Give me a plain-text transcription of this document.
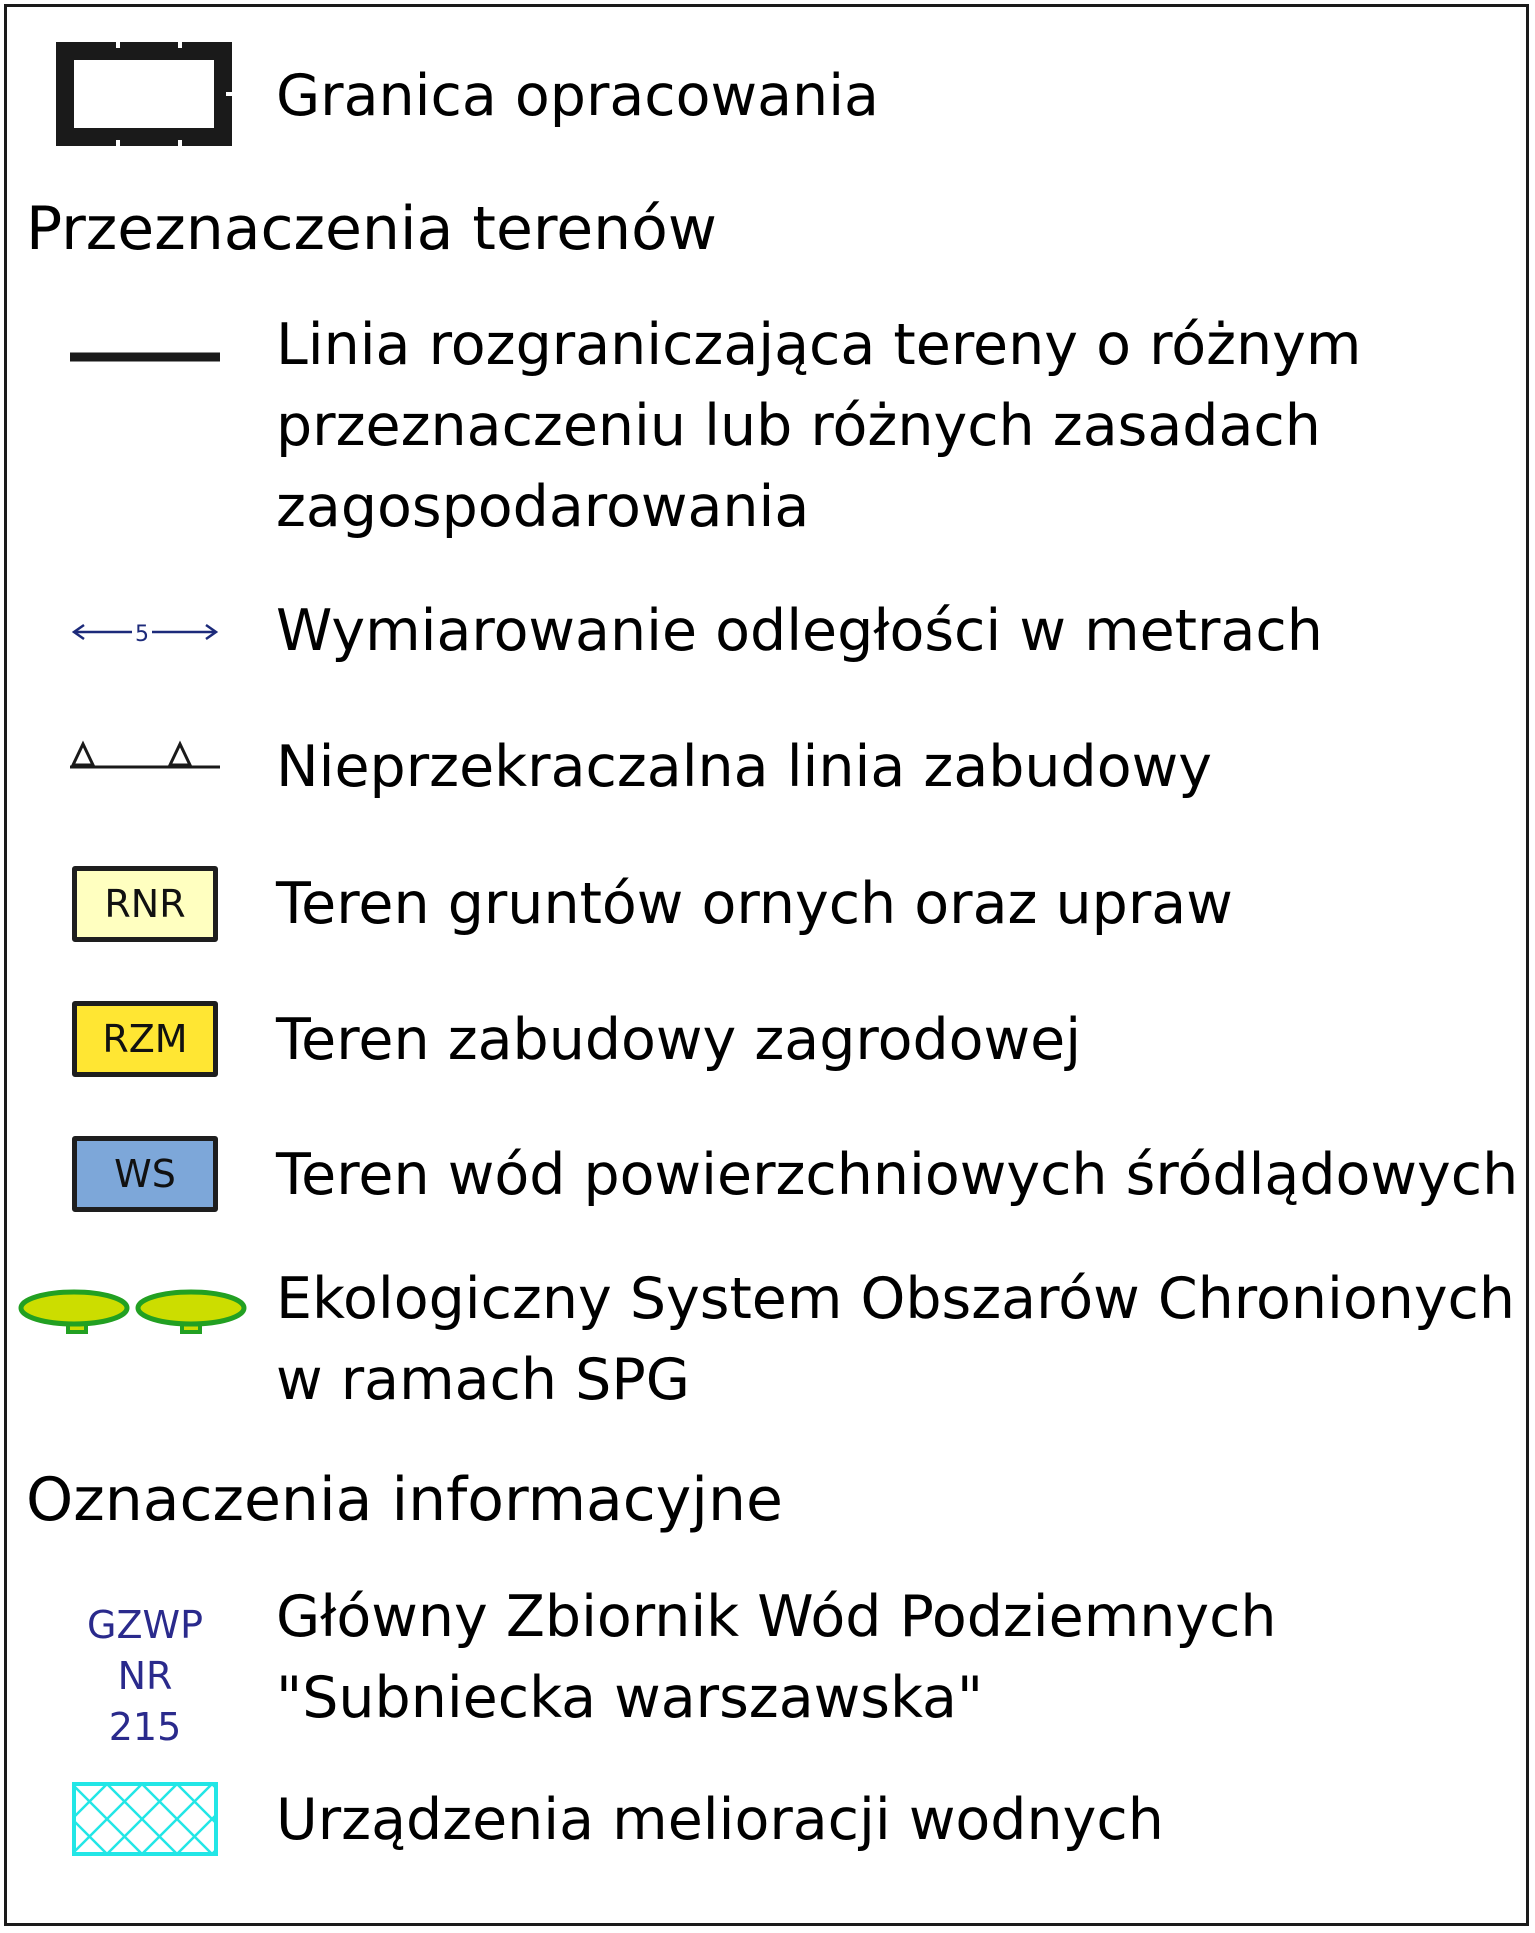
Granica opracowania

Przeznaczenia terenów

Linia rozgraniczająca tereny o różnym

przeznaczeniu lub różnych zasadach

zagospodarowania

5 Wymiarowanie odległości w metrach

Nieprzekraczalna linia zabudowy

RNR Teren gruntów ornych oraz upraw

RZM Teren zabudowy zagrodowej

WS Teren wód powierzchniowych śródlądowych

Ekologiczny System Obszarów Chronionych

w ramach SPG

Oznaczenia informacyjne
GZWP
NR
215

Główny Zbiornik Wód Podziemnych

"Subniecka warszawska"

Urządzenia melioracji wodnych
